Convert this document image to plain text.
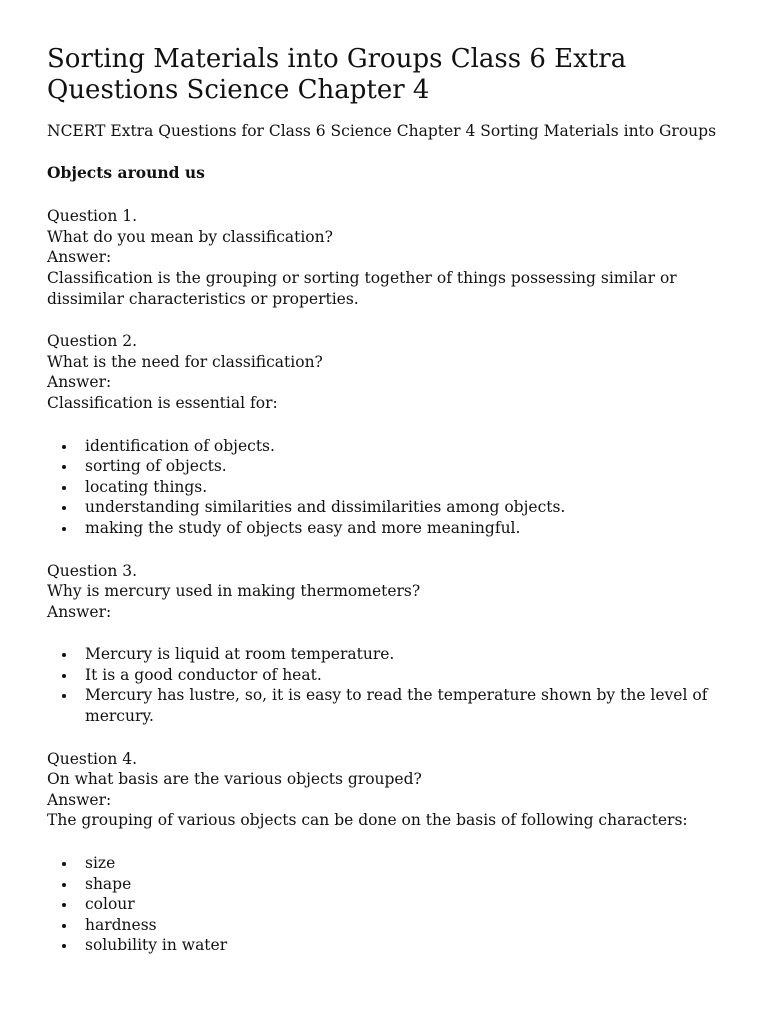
Sorting Materials into Groups Class 6 Extra Questions Science Chapter 4

NCERT Extra Questions for Class 6 Science Chapter 4 Sorting Materials into Groups

Objects around us

Question 1.

What do you mean by classification?

Answer:

Classification is the grouping or sorting together of things possessing similar or dissimilar characteristics or properties.

Question 2.

What is the need for classification?

Answer:

Classification is essential for:

identification of objects.
sorting of objects.
locating things.
understanding similarities and dissimilarities among objects.
making the study of objects easy and more meaningful.

Question 3.

Why is mercury used in making thermometers?

Answer:

Mercury is liquid at room temperature.
It is a good conductor of heat.
Mercury has lustre, so, it is easy to read the temperature shown by the level of mercury.

Question 4.

On what basis are the various objects grouped?

Answer:

The grouping of various objects can be done on the basis of following characters:

size
shape
colour
hardness
solubility in water
